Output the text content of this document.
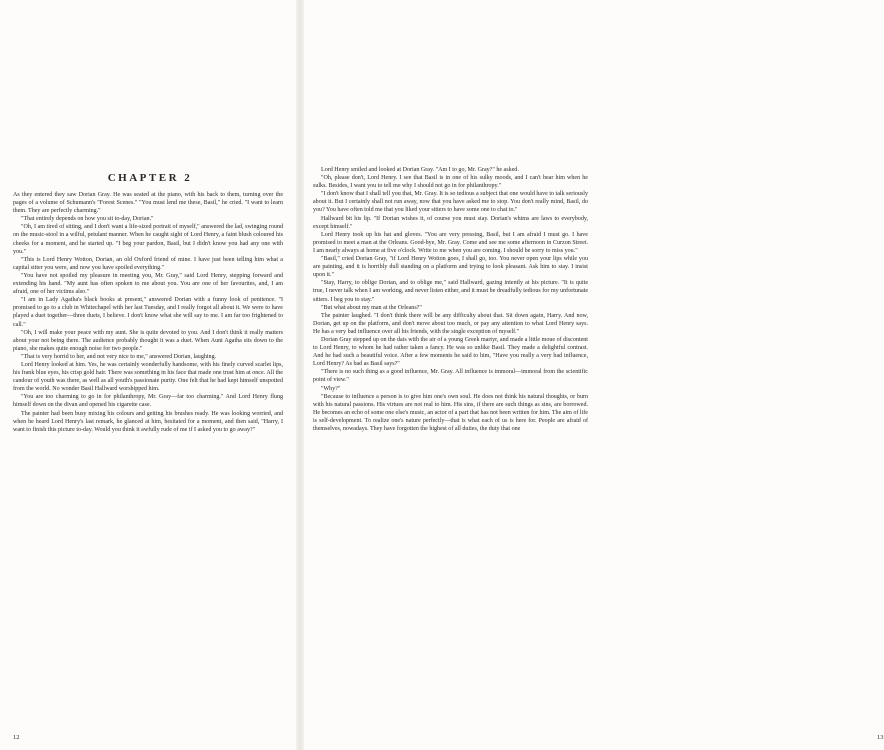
CHAPTER 2

As they entered they saw Dorian Gray. He was seated at the piano, with his back to them, turning over the pages of a volume of Schumann's "Forest Scenes." "You must lend me these, Basil," he cried. "I want to learn them. They are perfectly charming."

"That entirely depends on how you sit to-day, Dorian."

"Oh, I am tired of sitting, and I don't want a life-sized portrait of myself," answered the lad, swinging round on the music-stool in a wilful, petulant manner. When he caught sight of Lord Henry, a faint blush coloured his cheeks for a moment, and he started up. "I beg your pardon, Basil, but I didn't know you had any one with you."

"This is Lord Henry Wotton, Dorian, an old Oxford friend of mine. I have just been telling him what a capital sitter you were, and now you have spoiled everything."

"You have not spoiled my pleasure in meeting you, Mr. Gray," said Lord Henry, stepping forward and extending his hand. "My aunt has often spoken to me about you. You are one of her favourites, and, I am afraid, one of her victims also."

"I am in Lady Agatha's black books at present," answered Dorian with a funny look of penitence. "I promised to go to a club in Whitechapel with her last Tuesday, and I really forgot all about it. We were to have played a duet together—three duets, I believe. I don't know what she will say to me. I am far too frightened to call."

"Oh, I will make your peace with my aunt. She is quite devoted to you. And I don't think it really matters about your not being there. The audience probably thought it was a duet. When Aunt Agatha sits down to the piano, she makes quite enough noise for two people."

"That is very horrid to her, and not very nice to me," answered Dorian, laughing.

Lord Henry looked at him. Yes, he was certainly wonderfully handsome, with his finely curved scarlet lips, his frank blue eyes, his crisp gold hair. There was something in his face that made one trust him at once. All the candour of youth was there, as well as all youth's passionate purity. One felt that he had kept himself unspotted from the world. No wonder Basil Hallward worshipped him.

"You are too charming to go in for philanthropy, Mr. Gray—far too charming." And Lord Henry flung himself down on the divan and opened his cigarette case.

The painter had been busy mixing his colours and getting his brushes ready. He was looking worried, and when he heard Lord Henry's last remark, he glanced at him, hesitated for a moment, and then said, "Harry, I want to finish this picture to-day. Would you think it awfully rude of me if I asked you to go away?"

12	13

Lord Henry smiled and looked at Dorian Gray. "Am I to go, Mr. Gray?" he asked.

"Oh, please don't, Lord Henry. I see that Basil is in one of his sulky moods, and I can't bear him when he sulks. Besides, I want you to tell me why I should not go in for philanthropy."

"I don't know that I shall tell you that, Mr. Gray. It is so tedious a subject that one would have to talk seriously about it. But I certainly shall not run away, now that you have asked me to stop. You don't really mind, Basil, do you? You have often told me that you liked your sitters to have some one to chat to."

Hallward bit his lip. "If Dorian wishes it, of course you must stay. Dorian's whims are laws to everybody, except himself."

Lord Henry took up his hat and gloves. "You are very pressing, Basil, but I am afraid I must go. I have promised to meet a man at the Orleans. Good-bye, Mr. Gray. Come and see me some afternoon in Curzon Street. I am nearly always at home at five o'clock. Write to me when you are coming. I should be sorry to miss you."

"Basil," cried Dorian Gray, "if Lord Henry Wotton goes, I shall go, too. You never open your lips while you are painting, and it is horribly dull standing on a platform and trying to look pleasant. Ask him to stay. I insist upon it."

"Stay, Harry, to oblige Dorian, and to oblige me," said Hallward, gazing intently at his picture. "It is quite true, I never talk when I am working, and never listen either, and it must be dreadfully tedious for my unfortunate sitters. I beg you to stay."

"But what about my man at the Orleans?"

The painter laughed. "I don't think there will be any difficulty about that. Sit down again, Harry. And now, Dorian, get up on the platform, and don't move about too much, or pay any attention to what Lord Henry says. He has a very bad influence over all his friends, with the single exception of myself."

Dorian Gray stepped up on the dais with the air of a young Greek martyr, and made a little moue of discontent to Lord Henry, to whom he had rather taken a fancy. He was so unlike Basil. They made a delightful contrast. And he had such a beautiful voice. After a few moments he said to him, "Have you really a very bad influence, Lord Henry? As bad as Basil says?"

"There is no such thing as a good influence, Mr. Gray. All influence is immoral—immoral from the scientific point of view."

"Why?"

"Because to influence a person is to give him one's own soul. He does not think his natural thoughts, or burn with his natural passions. His virtues are not real to him. His sins, if there are such things as sins, are borrowed. He becomes an echo of some one else's music, an actor of a part that has not been written for him. The aim of life is self-development. To realize one's nature perfectly—that is what each of us is here for. People are afraid of themselves, nowadays. They have forgotten the highest of all duties, the duty that one
